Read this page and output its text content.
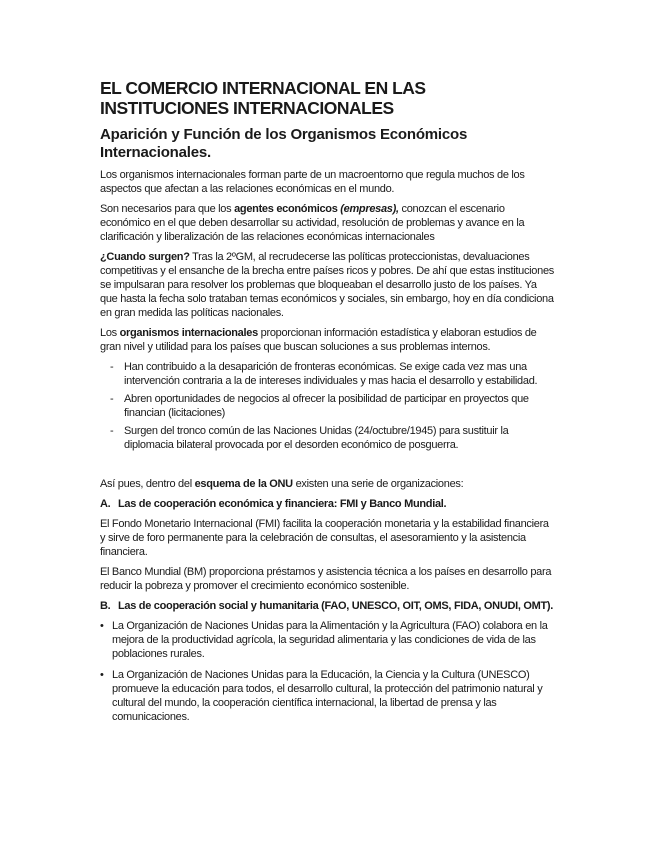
EL COMERCIO INTERNACIONAL EN LAS INSTITUCIONES INTERNACIONALES
Aparición y Función de los Organismos Económicos Internacionales.

Los organismos internacionales forman parte de un macroentorno que regula muchos de los aspectos que afectan a las relaciones económicas en el mundo.

Son necesarios para que los agentes económicos (empresas), conozcan el escenario económico en el que deben desarrollar su actividad, resolución de problemas y avance en la clarificación y liberalización de las relaciones económicas internacionales

¿Cuando surgen? Tras la 2ºGM, al recrudecerse las políticas proteccionistas, devaluaciones competitivas y el ensanche de la brecha entre países ricos y pobres. De ahí que estas instituciones se impulsaran para resolver los problemas que bloqueaban el desarrollo justo de los países. Ya que hasta la fecha solo trataban temas económicos y sociales, sin embargo, hoy en día condiciona en gran medida las políticas nacionales.

Los organismos internacionales proporcionan información estadística y elaboran estudios de gran nivel y utilidad para los países que buscan soluciones a sus problemas internos.

- Han contribuido a la desaparición de fronteras económicas. Se exige cada vez mas una intervención contraria a la de intereses individuales y mas hacia el desarrollo y estabilidad.
- Abren oportunidades de negocios al ofrecer la posibilidad de participar en proyectos que financian (licitaciones)
- Surgen del tronco común de las Naciones Unidas (24/octubre/1945) para sustituir la diplomacia bilateral provocada por el desorden económico de posguerra.

Así pues, dentro del esquema de la ONU existen una serie de organizaciones:

A. Las de cooperación económica y financiera: FMI y Banco Mundial.

El Fondo Monetario Internacional (FMI) facilita la cooperación monetaria y la estabilidad financiera y sirve de foro permanente para la celebración de consultas, el asesoramiento y la asistencia financiera.

El Banco Mundial (BM) proporciona préstamos y asistencia técnica a los países en desarrollo para reducir la pobreza y promover el crecimiento económico sostenible.

B. Las de cooperación social y humanitaria (FAO, UNESCO, OIT, OMS, FIDA, ONUDI, OMT).
• La Organización de Naciones Unidas para la Alimentación y la Agricultura (FAO) colabora en la mejora de la productividad agrícola, la seguridad alimentaria y las condiciones de vida de las poblaciones rurales.
• La Organización de Naciones Unidas para la Educación, la Ciencia y la Cultura (UNESCO) promueve la educación para todos, el desarrollo cultural, la protección del patrimonio natural y cultural del mundo, la cooperación científica internacional, la libertad de prensa y las comunicaciones.
